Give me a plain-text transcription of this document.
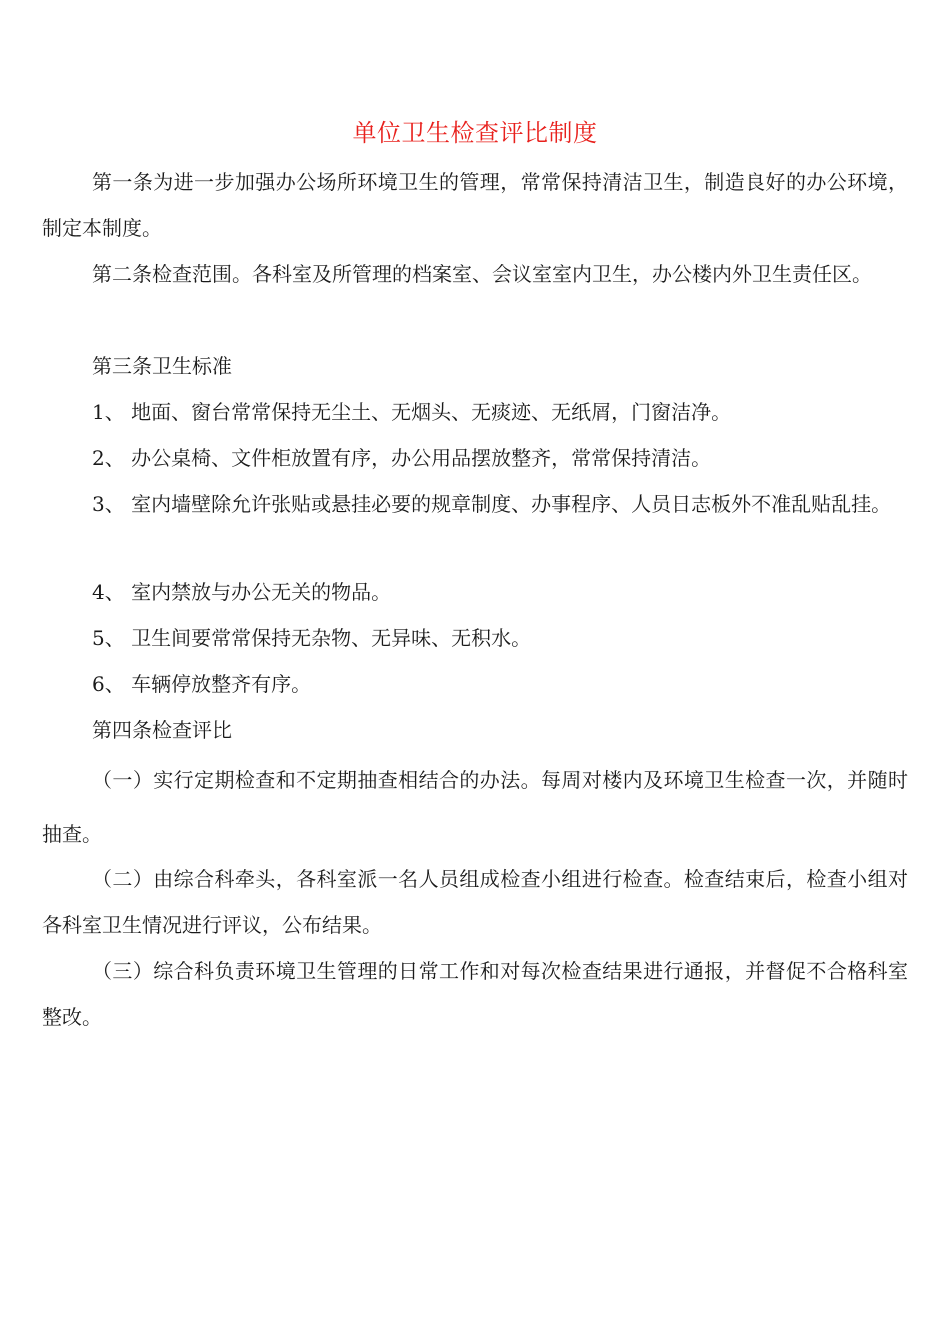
单位卫生检查评比制度

第一条为进一步加强办公场所环境卫生的管理，常常保持清洁卫生，制造良好的办公环境，制定本制度。

第二条检查范围。各科室及所管理的档案室、会议室室内卫生，办公楼内外卫生责任区。

第三条卫生标准

1、 地面、窗台常常保持无尘土、无烟头、无痰迹、无纸屑，门窗洁净。

2、 办公桌椅、文件柜放置有序，办公用品摆放整齐，常常保持清洁。

3、 室内墙壁除允许张贴或悬挂必要的规章制度、办事程序、人员日志板外不准乱贴乱挂。

4、 室内禁放与办公无关的物品。

5、 卫生间要常常保持无杂物、无异味、无积水。

6、 车辆停放整齐有序。

第四条检查评比

（一）实行定期检查和不定期抽查相结合的办法。每周对楼内及环境卫生检查一次，并随时抽查。

（二）由综合科牵头，各科室派一名人员组成检查小组进行检查。检查结束后，检查小组对各科室卫生情况进行评议，公布结果。

（三）综合科负责环境卫生管理的日常工作和对每次检查结果进行通报，并督促不合格科室整改。
